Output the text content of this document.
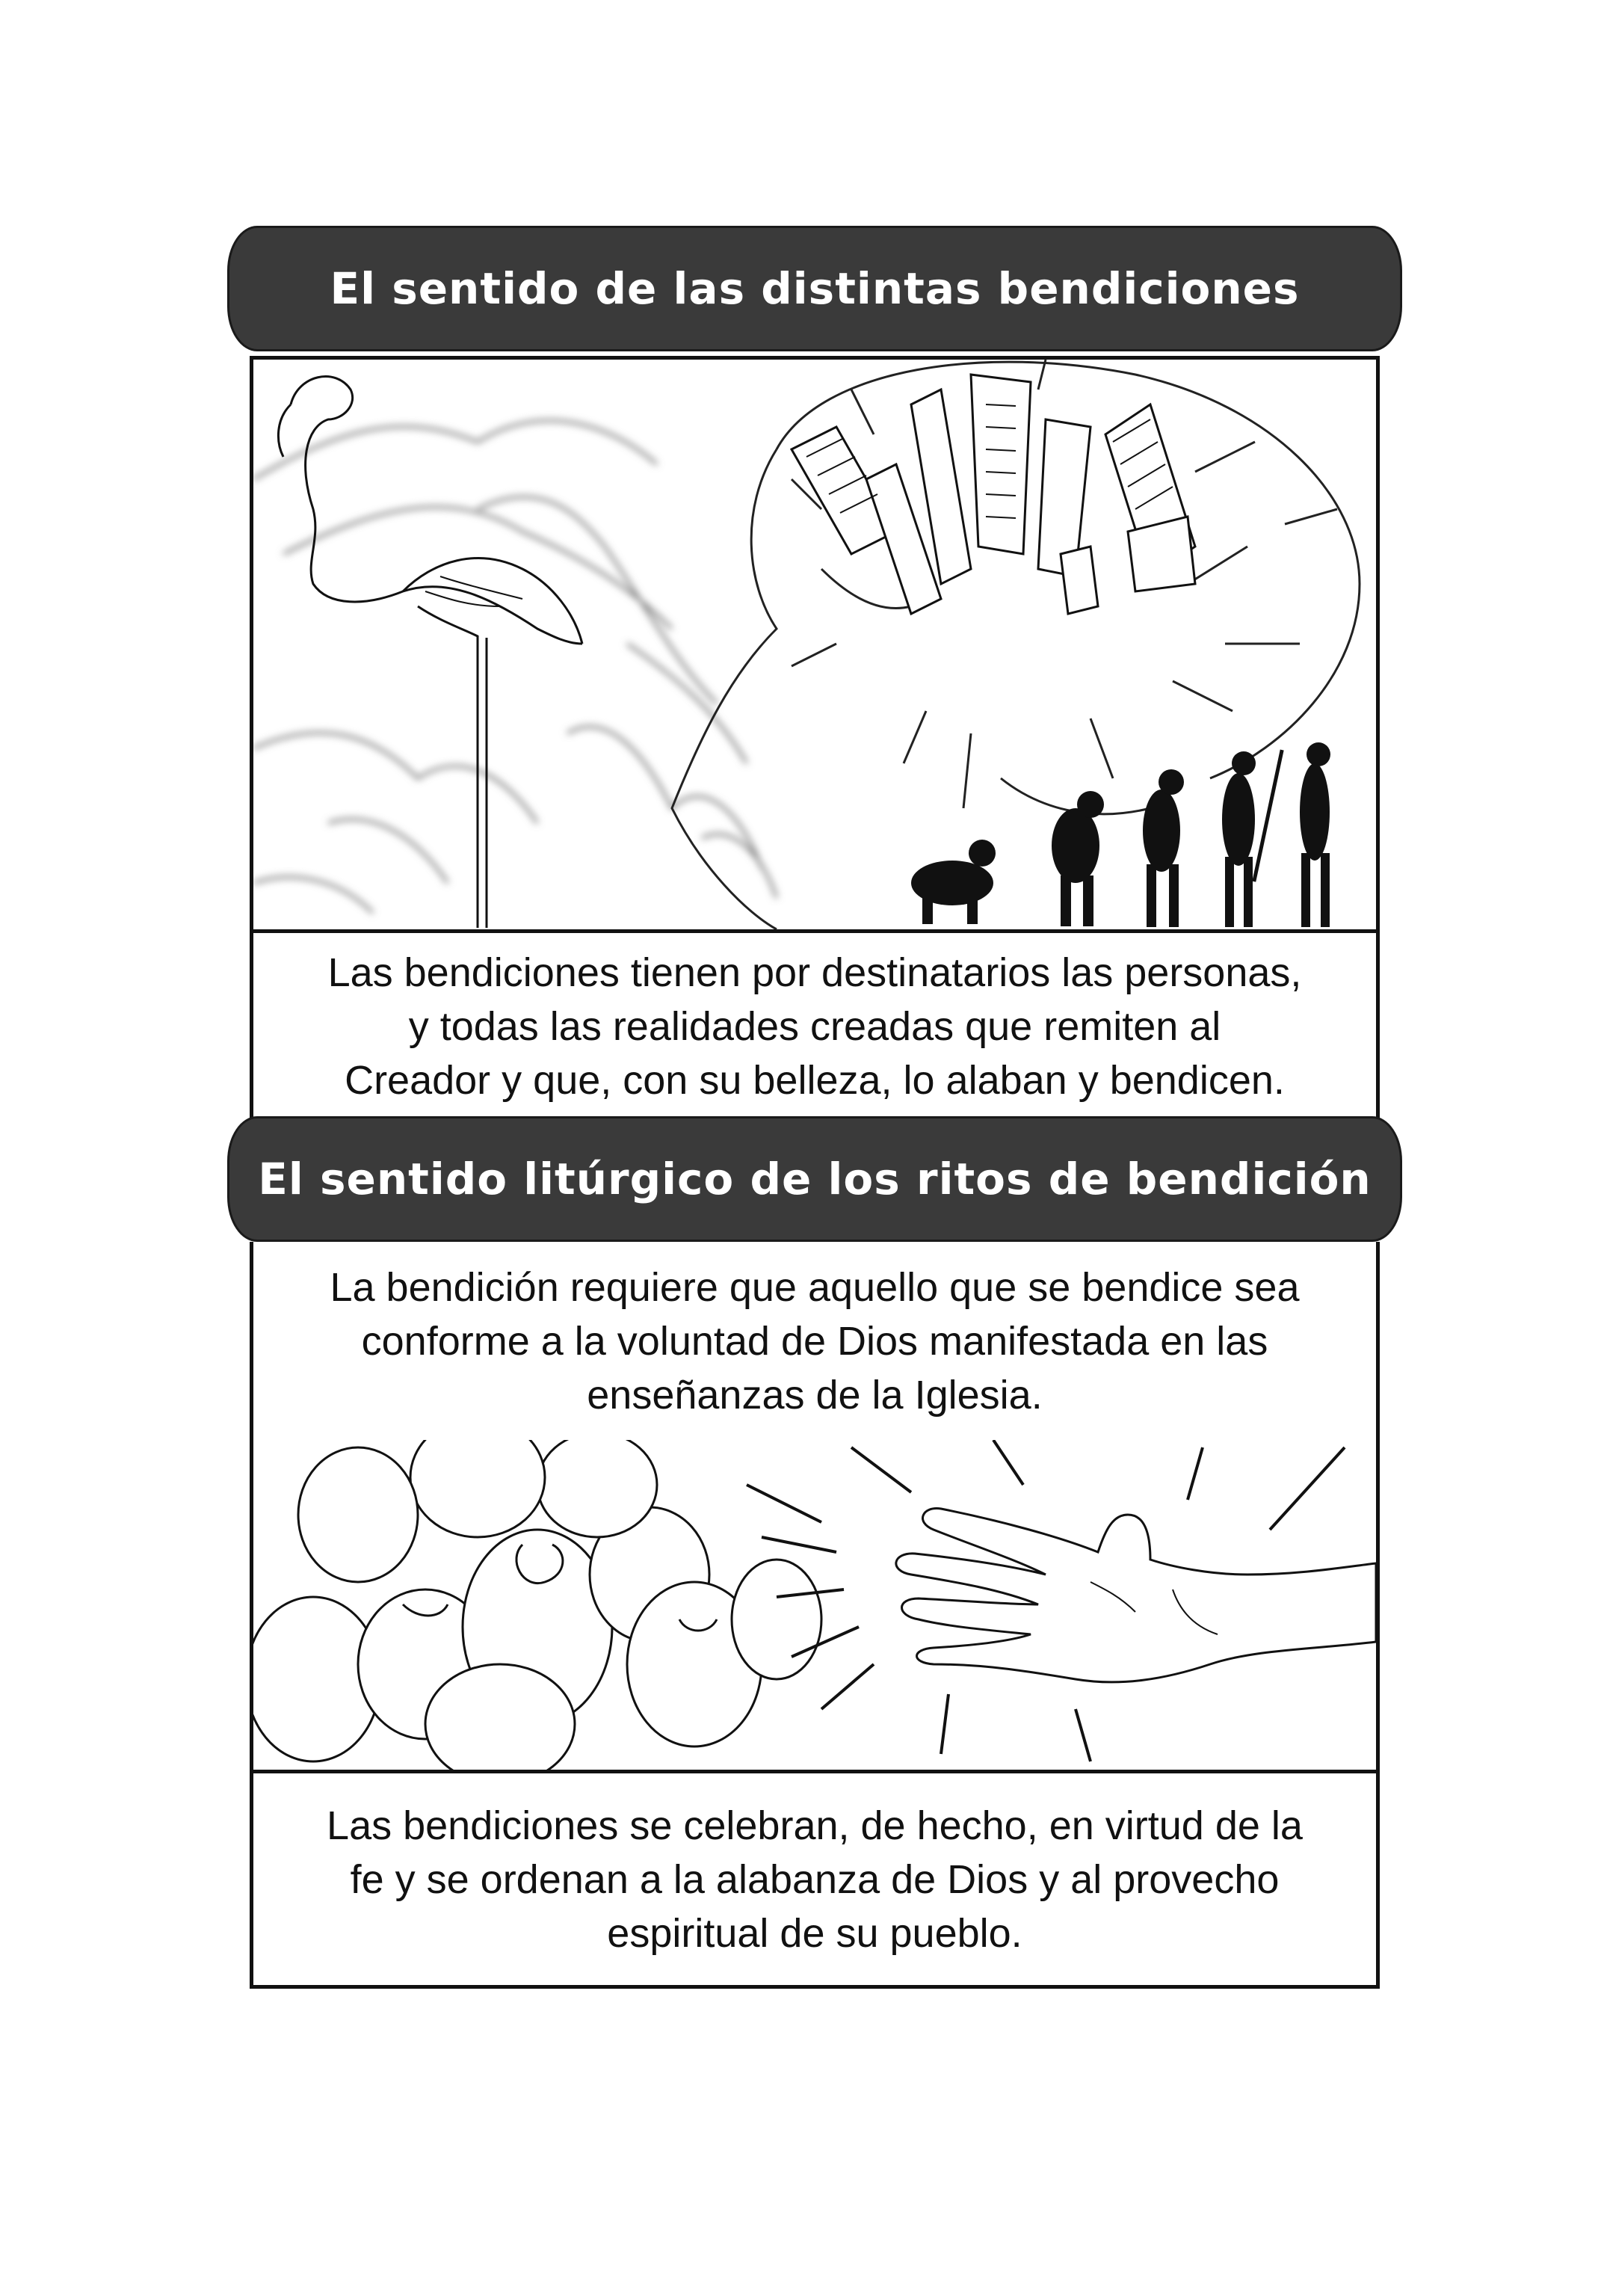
El sentido de las distintas bendiciones

Las bendiciones tienen por destinatarios las personas,
y todas las realidades creadas que remiten al
Creador y que, con su belleza, lo alaban y bendicen.

El sentido litúrgico de los ritos de bendición

La bendición requiere que aquello que se bendice sea
conforme a la voluntad de Dios manifestada en las
enseñanzas de la Iglesia.

Las bendiciones se celebran, de hecho, en virtud de la
fe y se ordenan a la alabanza de Dios y al provecho
espiritual de su pueblo.
